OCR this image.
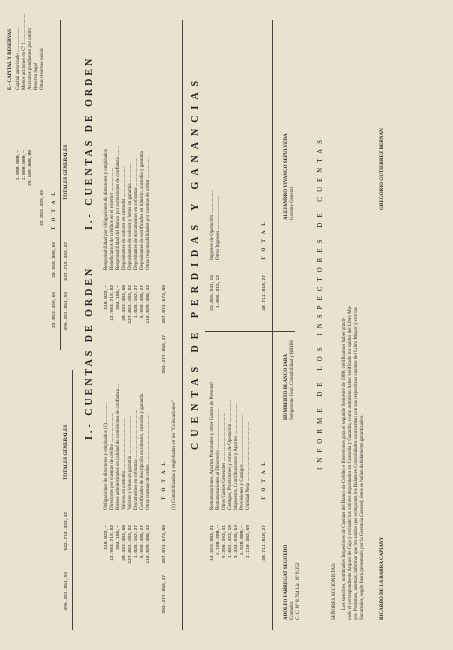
E.- CAPITAL Y RESERVAS Capital autorizado .................... Menos acciones en Cª 1 ...................... Acciones pendientes por emitir Reserva legal Otras reservas varias
1.000.000,— 1.000.000,— 28.100.000,00
22.093.499,69 T O T A L
30.958.888,68
22.093.499,69
TOTALES GENERALES
642.719.362,42
396.381.851,93
TOTALES GENERALES
642.719.362,42
396.381.851,93
I.- CUENTAS DE ORDEN
I.- CUENTAS DE ORDEN
Obligaciones de directores y empleados (1) ................ Directores por cuentas de crédito ........................ Bienes administrados en calidad de comisiones de confianza ... Valores en custodia ......................................... Valores y letras en garantía ............................... Documentos en cobranza ....................................... Certificados de inscripción en tránsito, custodia y garantía Otras cuentas de orden ....................................... T O T A L (1) Contabilizadas y englobadas en los "Colocaciones"
410.032,— 12.984.719,82 384.105,— 30.433.403,60 127.061.103,22 1.025.162,37 6.998.488,27 118.820.408,33 487.074.573,08
383.377.858,47
Responsabilidad por obligaciones de directores y empleados Beneficiarios de créditos en el exterior ................... Responsabilidad del Banco por comisiones de confianza ........ Depositantes de valores en custodia ......................... Depositantes de valores y letras en garantía ................ Depositantes de documentos en cobranza ....................... Depositantes de certificados en tránsito, custodia y garantía Otras responsabilidades por cuentas de orden .................
410.032,— 12.984.719,82 384.105,— 30.433.403,60 127.061.103,22 1.025.162,37 6.998.488,27 118.820.408,33 487.074.573,08
383.377.858,47 CUENTAS DE PERDIDAS Y GANANCIAS Remuneraciones, Aportes Patronales y otros Gastos de Personal Remuneraciones al Directorio ................................ Otros Gastos Generales ....................................... Castigos, Provisiones y otros de Operación .................. Impuestos, Contribuciones y Aportes ......................... Provisiones y Castigos ....................................... Utilidad Neta ................................................
14.593.903,21 1.180.200,— 9.396.493,41 1.661.423,16 3.334.935,54 1.920.000,— 1.110.362,59
T O T A L
40.711.010,27
Ingresos de Operación ................... Otros Ingresos ...........................
33.655.941,15 1.065.815,12
T O T A L
40.711.010,27
ADOLFO FABREGAT SEGUEDO Contador C. C. Nº 8.764 Lic. Nº 8.352
HUMBERTO BLANCO IARA Subgerente Gral. Contabilidad y RRHH
ALEJANDRO VIVANCO SEPULVEDA Gerente General	INFORME DE LOS INSPECTORES DE CUENTAS
SEÑORES ACCIONISTAS: Los suscritos, nombrados Inspectores de Cuentas del Banco de Crédito e Inversiones para el segundo Semestre de 1988, certificamos haber practi- cado el correspondiente Arqueo de Caja y revisado los valores depositados en Custodia y Garantía, como asimismo haber verificado los saldos del Libro Ma- yor. Podemos, además, informar que los saldos que componen los Balances Consolidados concuerdan con sus respectivas cuentas del Libro Mayor y con las Sucursales, según fuera presentado por la Gerencia General; éstos se hallan debidamente garantizados.	RICARDO DE LA BARRA CAPIANY
GREGORIO GUTIERREZ BERNAN
